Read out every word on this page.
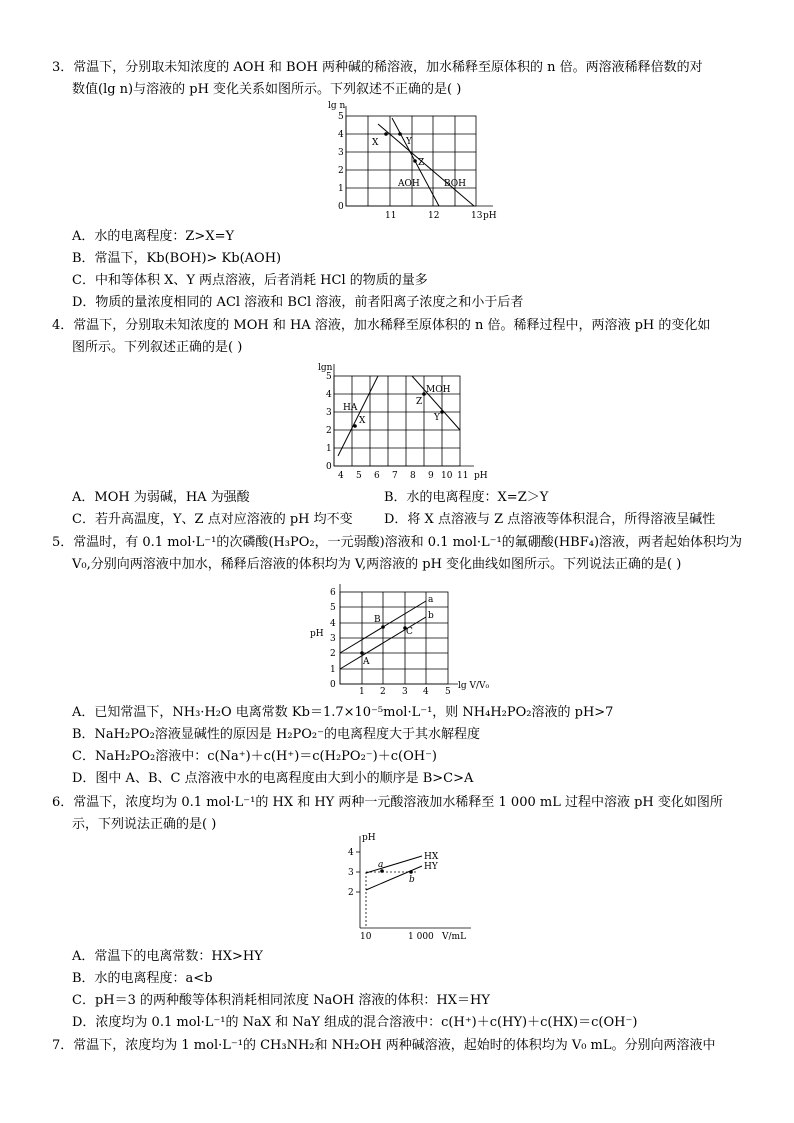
3．常温下，分别取未知浓度的 AOH 和 BOH 两种碱的稀溶液，加水稀释至原体积的 n 倍。两溶液稀释倍数的对
数值(lg n)与溶液的 pH 变化关系如图所示。下列叙述不正确的是( )
lg n
0
1
2
3
4
5
11	12	13 pH
X	Y
Z
AOH	BOH
A．水的电离程度：Z>X=Y
B．常温下，Kb(BOH)> Kb(AOH)
C．中和等体积 X、Y 两点溶液，后者消耗 HCl 的物质的量多
D．物质的量浓度相同的 ACl 溶液和 BCl 溶液，前者阳离子浓度之和小于后者
4．常温下，分别取未知浓度的 MOH 和 HA 溶液，加水稀释至原体积的 n 倍。稀释过程中，两溶液 pH 的变化如
图所示。下列叙述正确的是( )
lgn
0
1
2
3
4
5
4 5 6 7 8 9 10 11 pH
HA
X
MOH
Z
Y
A．MOH 为弱碱，HA 为强酸	B．水的电离程度：X=Z＞Y
C．若升高温度，Y、Z 点对应溶液的 pH 均不变 D．将 X 点溶液与 Z 点溶液等体积混合，所得溶液呈碱性
5．常温时，有 0.1 mol·L⁻¹的次磷酸(H₃PO₂，一元弱酸)溶液和 0.1 mol·L⁻¹的氟硼酸(HBF₄)溶液，两者起始体积均为
V₀,分别向两溶液中加水，稀释后溶液的体积均为 V,两溶液的 pH 变化曲线如图所示。下列说法正确的是( )
pH
0
1
2
3
4
5
6
1 2 3 4 5
lg V/V₀
a
b
A
B
C
A．已知常温下，NH₃·H₂O 电离常数 Kb＝1.7×10⁻⁵mol·L⁻¹，则 NH₄H₂PO₂溶液的 pH>7
B．NaH₂PO₂溶液显碱性的原因是 H₂PO₂⁻的电离程度大于其水解程度
C．NaH₂PO₂溶液中：c(Na⁺)＋c(H⁺)＝c(H₂PO₂⁻)＋c(OH⁻)
D．图中 A、B、C 点溶液中水的电离程度由大到小的顺序是 B>C>A
6．常温下，浓度均为 0.1 mol·L⁻¹的 HX 和 HY 两种一元酸溶液加水稀释至 1 000 mL 过程中溶液 pH 变化如图所
示，下列说法正确的是( )
pH
2
3
4
10	1 000 V/mL
HX
HY
a
b
A．常温下的电离常数：HX>HY
B．水的电离程度：a<b
C．pH＝3 的两种酸等体积消耗相同浓度 NaOH 溶液的体积：HX＝HY
D．浓度均为 0.1 mol·L⁻¹的 NaX 和 NaY 组成的混合溶液中：c(H⁺)＋c(HY)＋c(HX)＝c(OH⁻)
7．常温下，浓度均为 1 mol·L⁻¹的 CH₃NH₂和 NH₂OH 两种碱溶液，起始时的体积均为 V₀ mL。分别向两溶液中
